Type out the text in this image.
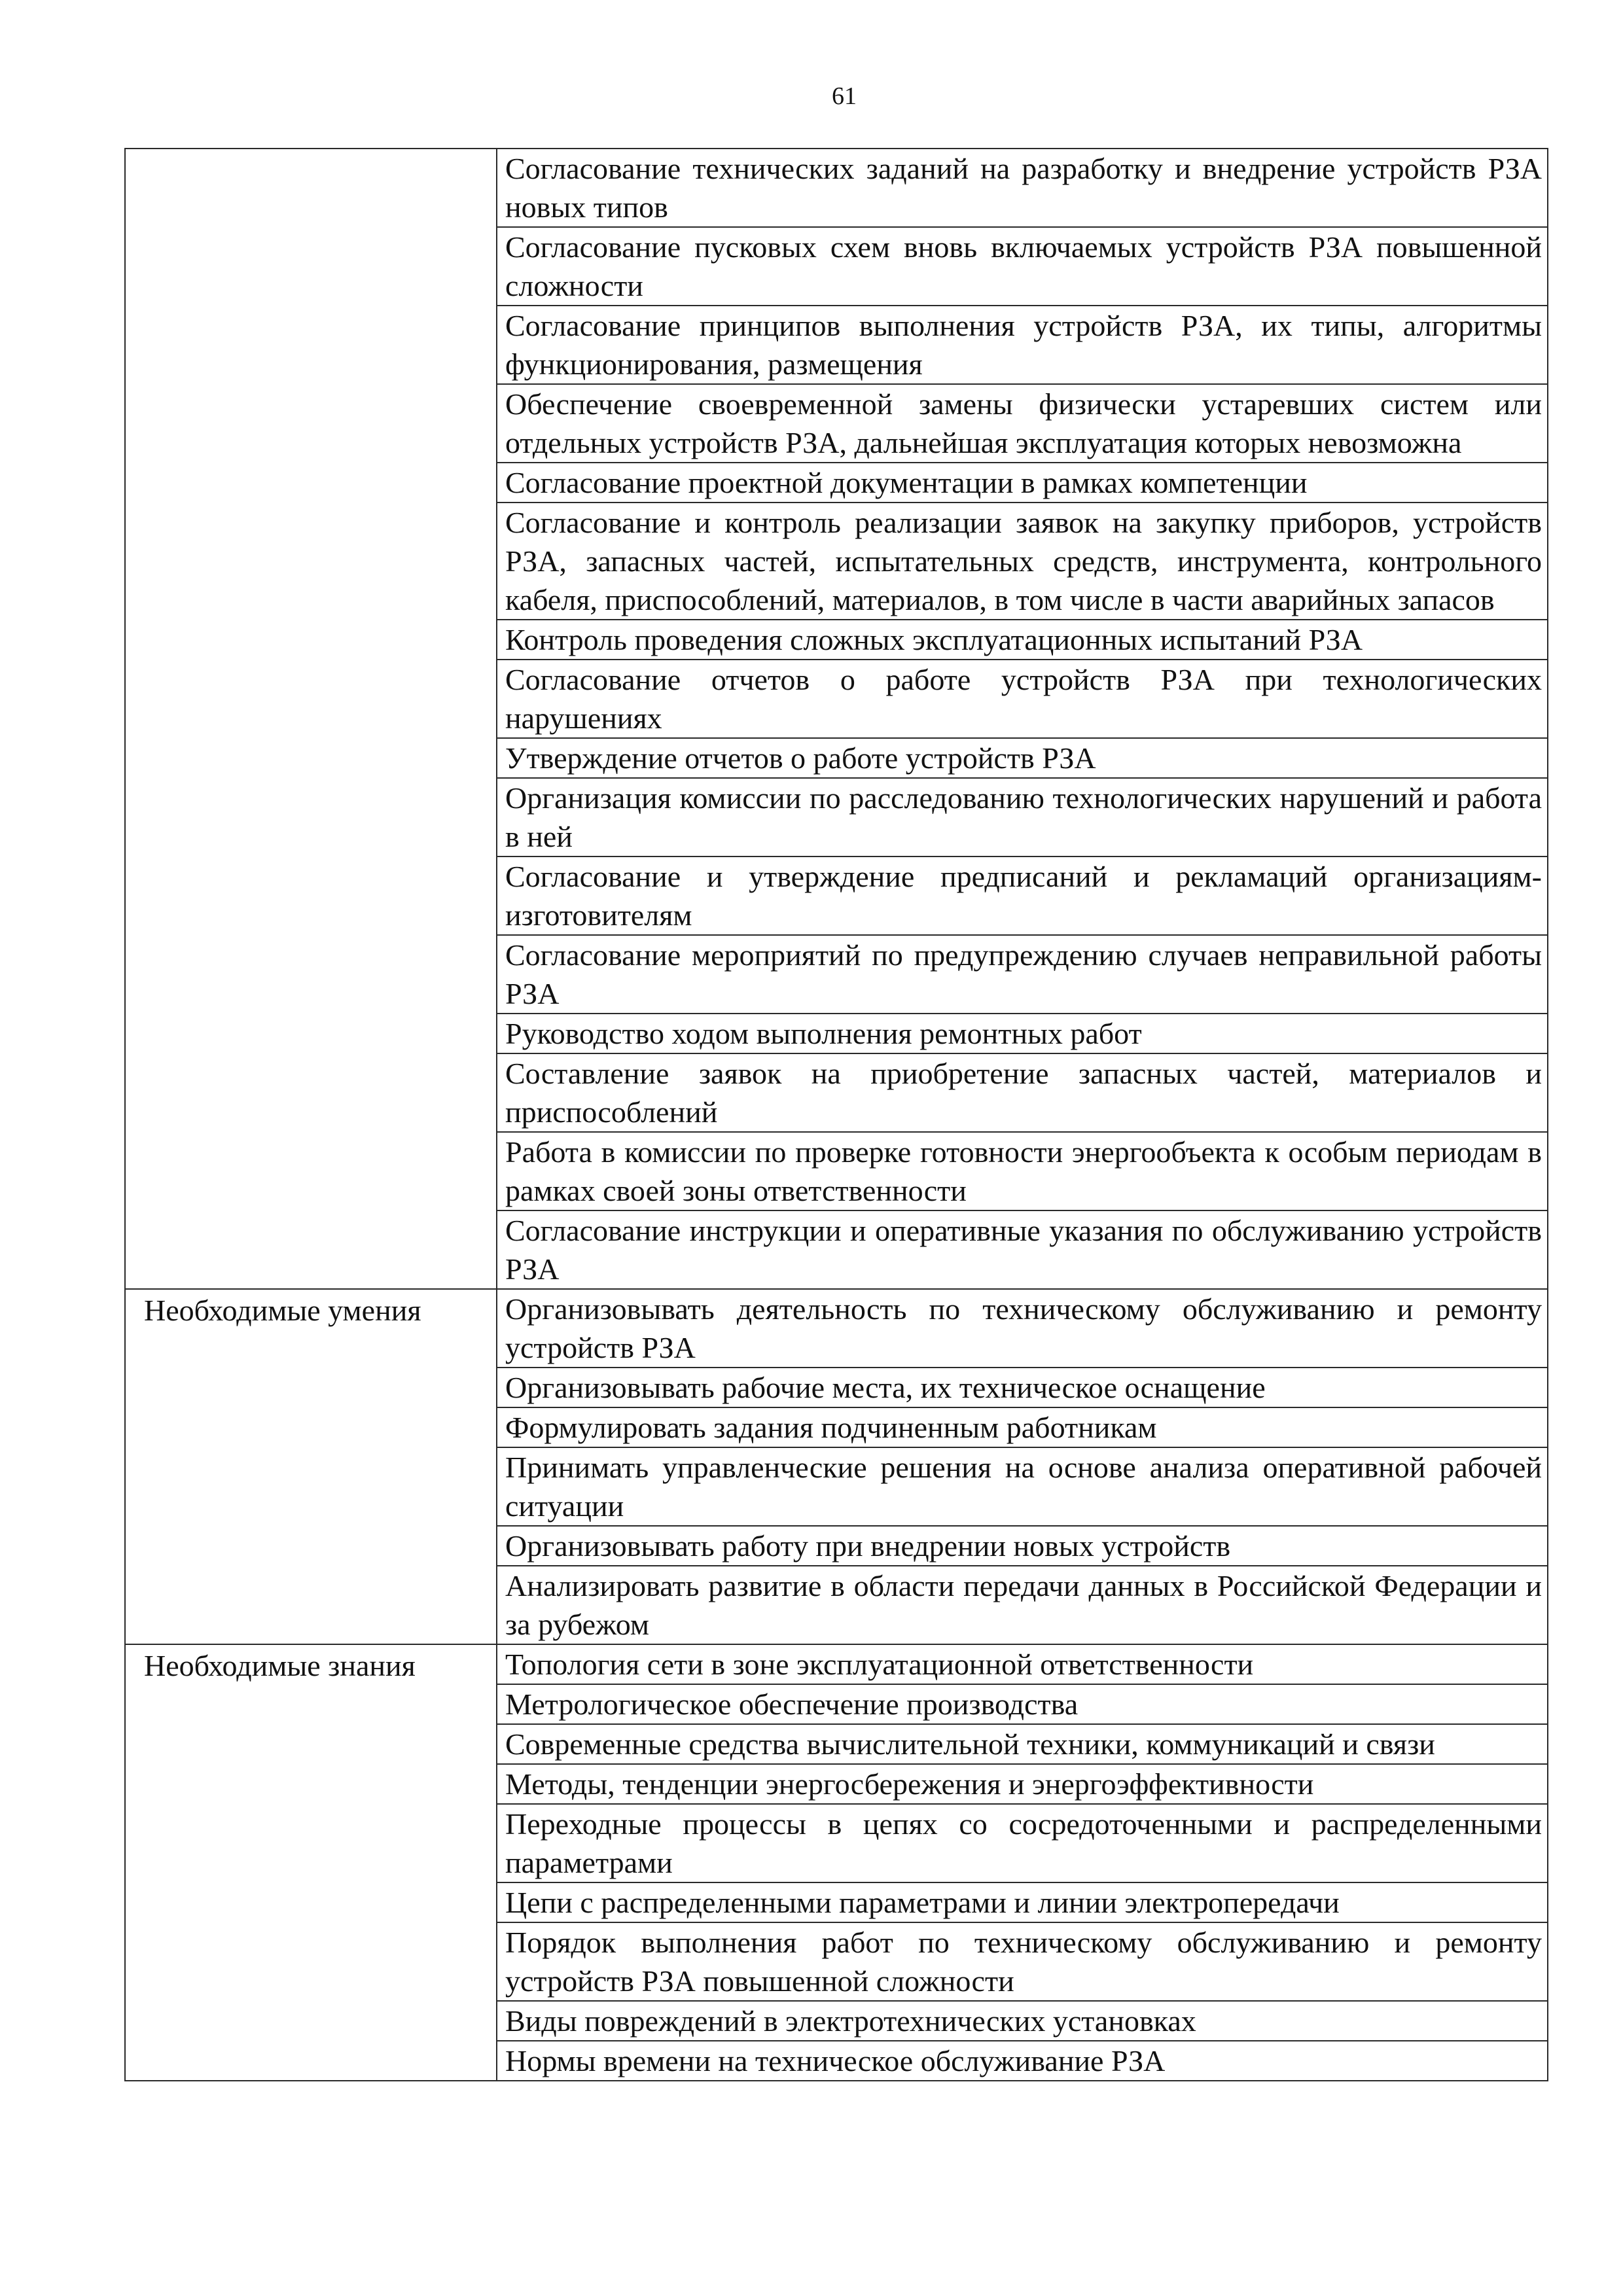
61
	Согласование технических заданий на разработку и внедрение устройств РЗА новых типов
	Согласование пусковых схем вновь включаемых устройств РЗА повышенной сложности
	Согласование принципов выполнения устройств РЗА, их типы, алгоритмы функционирования, размещения
	Обеспечение своевременной замены физически устаревших систем или отдельных устройств РЗА, дальнейшая эксплуатация которых невозможна
	Согласование проектной документации в рамках компетенции
	Согласование и контроль реализации заявок на закупку приборов, устройств РЗА, запасных частей, испытательных средств, инструмента, контрольного кабеля, приспособлений, материалов, в том числе в части аварийных запасов
	Контроль проведения сложных эксплуатационных испытаний РЗА
	Согласование отчетов о работе устройств РЗА при технологических нарушениях
	Утверждение отчетов о работе устройств РЗА
	Организация комиссии по расследованию технологических нарушений и работа в ней
	Согласование и утверждение предписаний и рекламаций организациям-изготовителям
	Согласование мероприятий по предупреждению случаев неправильной работы РЗА
	Руководство ходом выполнения ремонтных работ
	Составление заявок на приобретение запасных частей, материалов и приспособлений
	Работа в комиссии по проверке готовности энергообъекта к особым периодам в рамках своей зоны ответственности
	Согласование инструкции и оперативные указания по обслуживанию устройств РЗА
Необходимые умения	Организовывать деятельность по техническому обслуживанию и ремонту устройств РЗА
	Организовывать рабочие места, их техническое оснащение
	Формулировать задания подчиненным работникам
	Принимать управленческие решения на основе анализа оперативной рабочей ситуации
	Организовывать работу при внедрении новых устройств
	Анализировать развитие в области передачи данных в Российской Федерации и за рубежом
Необходимые знания	Топология сети в зоне эксплуатационной ответственности
	Метрологическое обеспечение производства
	Современные средства вычислительной техники, коммуникаций и связи
	Методы, тенденции энергосбережения и энергоэффективности
	Переходные процессы в цепях со сосредоточенными и распределенными параметрами
	Цепи с распределенными параметрами и линии электропередачи
	Порядок выполнения работ по техническому обслуживанию и ремонту устройств РЗА повышенной сложности
	Виды повреждений в электротехнических установках
	Нормы времени на техническое обслуживание РЗА
